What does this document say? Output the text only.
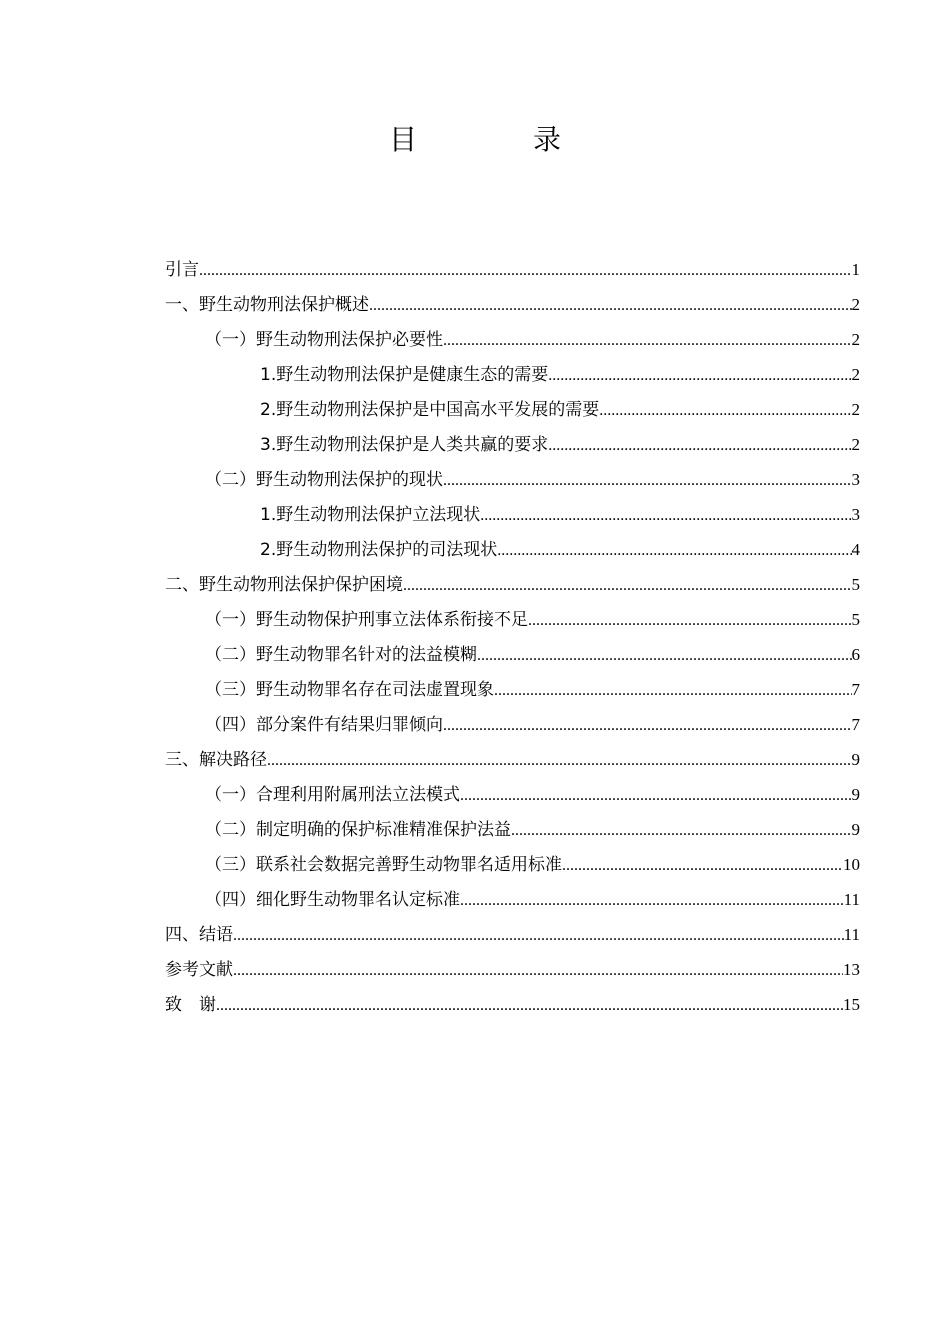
目　录
引言 .....	1
一、野生动物刑法保护概述 .....	2
（一）野生动物刑法保护必要性 .....	2
1.野生动物刑法保护是健康生态的需要 .....	2
2.野生动物刑法保护是中国高水平发展的需要 .....	2
3.野生动物刑法保护是人类共赢的要求 .....	2
（二）野生动物刑法保护的现状 .....	3
1.野生动物刑法保护立法现状 .....	3
2.野生动物刑法保护的司法现状 .....	4
二、野生动物刑法保护保护困境 .....	5
（一）野生动物保护刑事立法体系衔接不足 .....	5
（二）野生动物罪名针对的法益模糊 .....	6
（三）野生动物罪名存在司法虚置现象 .....	7
（四）部分案件有结果归罪倾向 .....	7
三、解决路径 .....	9
（一）合理利用附属刑法立法模式 .....	9
（二）制定明确的保护标准精准保护法益 .....	9
（三）联系社会数据完善野生动物罪名适用标准 .....	10
（四）细化野生动物罪名认定标准 .....	11
四、结语 .....	11
参考文献 .....	13
致　谢 .....	15
